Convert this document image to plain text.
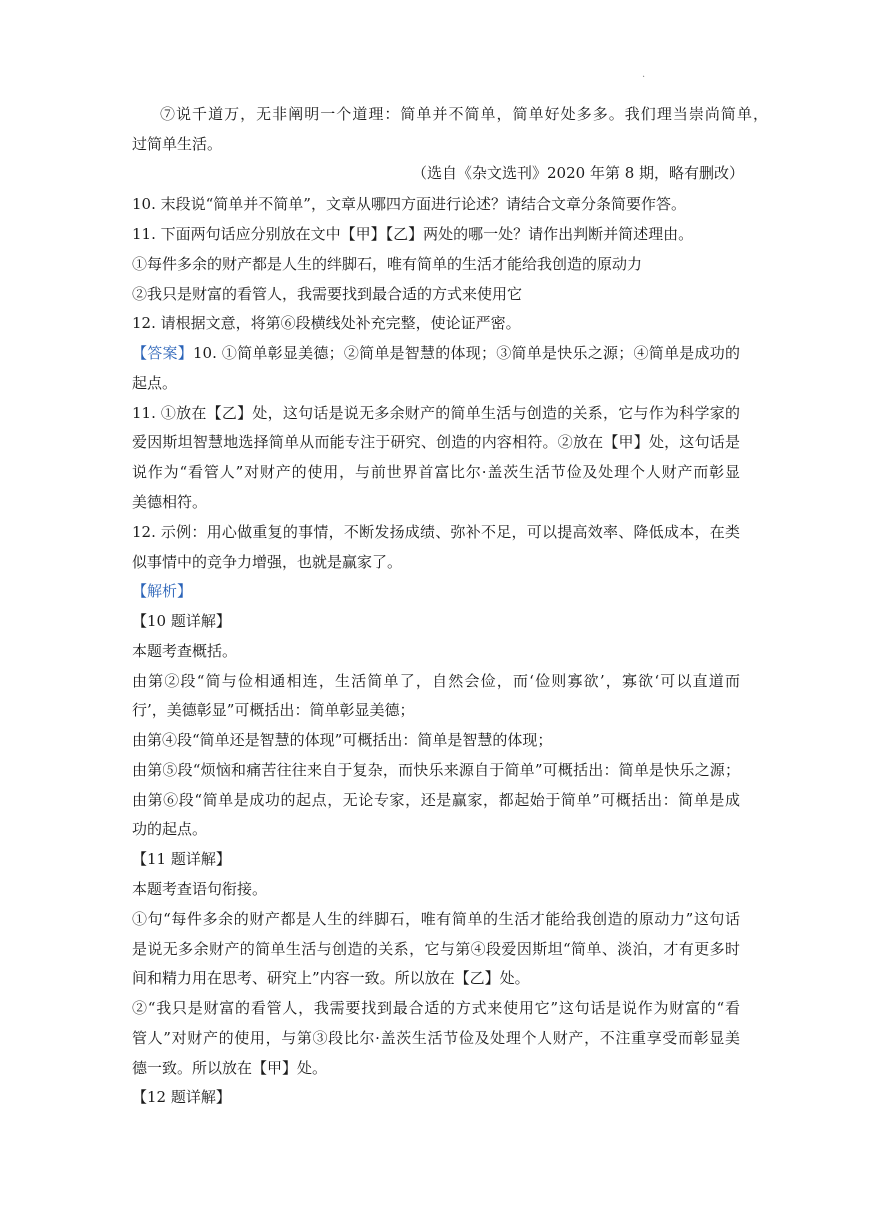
·
⑦说千道万，无非阐明一个道理：简单并不简单，简单好处多多。我们理当崇尚简单，
过简单生活。
（选自《杂文选刊》2020 年第 8 期，略有删改）
10. 末段说“简单并不简单”，文章从哪四方面进行论述？请结合文章分条简要作答。
11. 下面两句话应分别放在文中【甲】【乙】两处的哪一处？请作出判断并简述理由。
①每件多余的财产都是人生的绊脚石，唯有简单的生活才能给我创造的原动力
②我只是财富的看管人，我需要找到最合适的方式来使用它
12. 请根据文意，将第⑥段横线处补充完整，使论证严密。
【答案】10. ①简单彰显美德；②简单是智慧的体现；③简单是快乐之源；④简单是成功的
起点。
11. ①放在【乙】处，这句话是说无多余财产的简单生活与创造的关系，它与作为科学家的
爱因斯坦智慧地选择简单从而能专注于研究、创造的内容相符。②放在【甲】处，这句话是
说作为“看管人”对财产的使用，与前世界首富比尔·盖茨生活节俭及处理个人财产而彰显
美德相符。
12. 示例：用心做重复的事情，不断发扬成绩、弥补不足，可以提高效率、降低成本，在类
似事情中的竞争力增强，也就是赢家了。
【解析】
【10 题详解】
本题考查概括。
由第②段“简与俭相通相连，生活简单了，自然会俭，而‘俭则寡欲’，寡欲‘可以直道而
行’，美德彰显”可概括出：简单彰显美德；
由第④段“简单还是智慧的体现”可概括出：简单是智慧的体现；
由第⑤段“烦恼和痛苦往往来自于复杂，而快乐来源自于简单”可概括出：简单是快乐之源；
由第⑥段“简单是成功的起点，无论专家，还是赢家，都起始于简单”可概括出：简单是成
功的起点。
【11 题详解】
本题考查语句衔接。
①句“每件多余的财产都是人生的绊脚石，唯有简单的生活才能给我创造的原动力”这句话
是说无多余财产的简单生活与创造的关系，它与第④段爱因斯坦“简单、淡泊，才有更多时
间和精力用在思考、研究上”内容一致。所以放在【乙】处。
②“我只是财富的看管人，我需要找到最合适的方式来使用它”这句话是说作为财富的“看
管人”对财产的使用，与第③段比尔·盖茨生活节俭及处理个人财产，不注重享受而彰显美
德一致。所以放在【甲】处。
【12 题详解】
